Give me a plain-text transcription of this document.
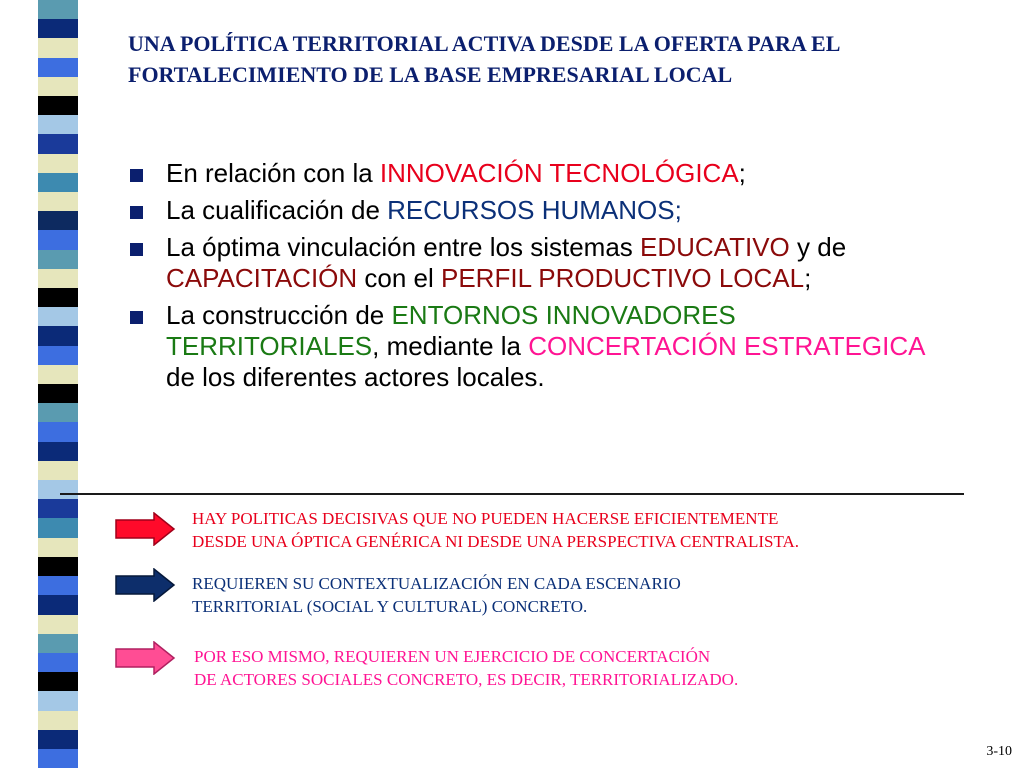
UNA POLÍTICA TERRITORIAL ACTIVA DESDE LA OFERTA PARA EL FORTALECIMIENTO DE LA BASE EMPRESARIAL LOCAL
En relación con la INNOVACIÓN TECNOLÓGICA;
La cualificación de RECURSOS HUMANOS;
La óptima vinculación entre los sistemas EDUCATIVO y de CAPACITACIÓN con el PERFIL PRODUCTIVO LOCAL;
La construcción de ENTORNOS INNOVADORES TERRITORIALES, mediante la CONCERTACIÓN ESTRATEGICA de los diferentes actores locales.
HAY POLITICAS DECISIVAS QUE NO PUEDEN HACERSE EFICIENTEMENTE
DESDE UNA ÓPTICA GENÉRICA NI DESDE UNA PERSPECTIVA CENTRALISTA.
REQUIEREN SU CONTEXTUALIZACIÓN EN CADA ESCENARIO
TERRITORIAL (SOCIAL Y CULTURAL) CONCRETO.
POR ESO MISMO, REQUIEREN UN EJERCICIO DE CONCERTACIÓN
DE ACTORES SOCIALES CONCRETO, ES DECIR, TERRITORIALIZADO.
3-10
